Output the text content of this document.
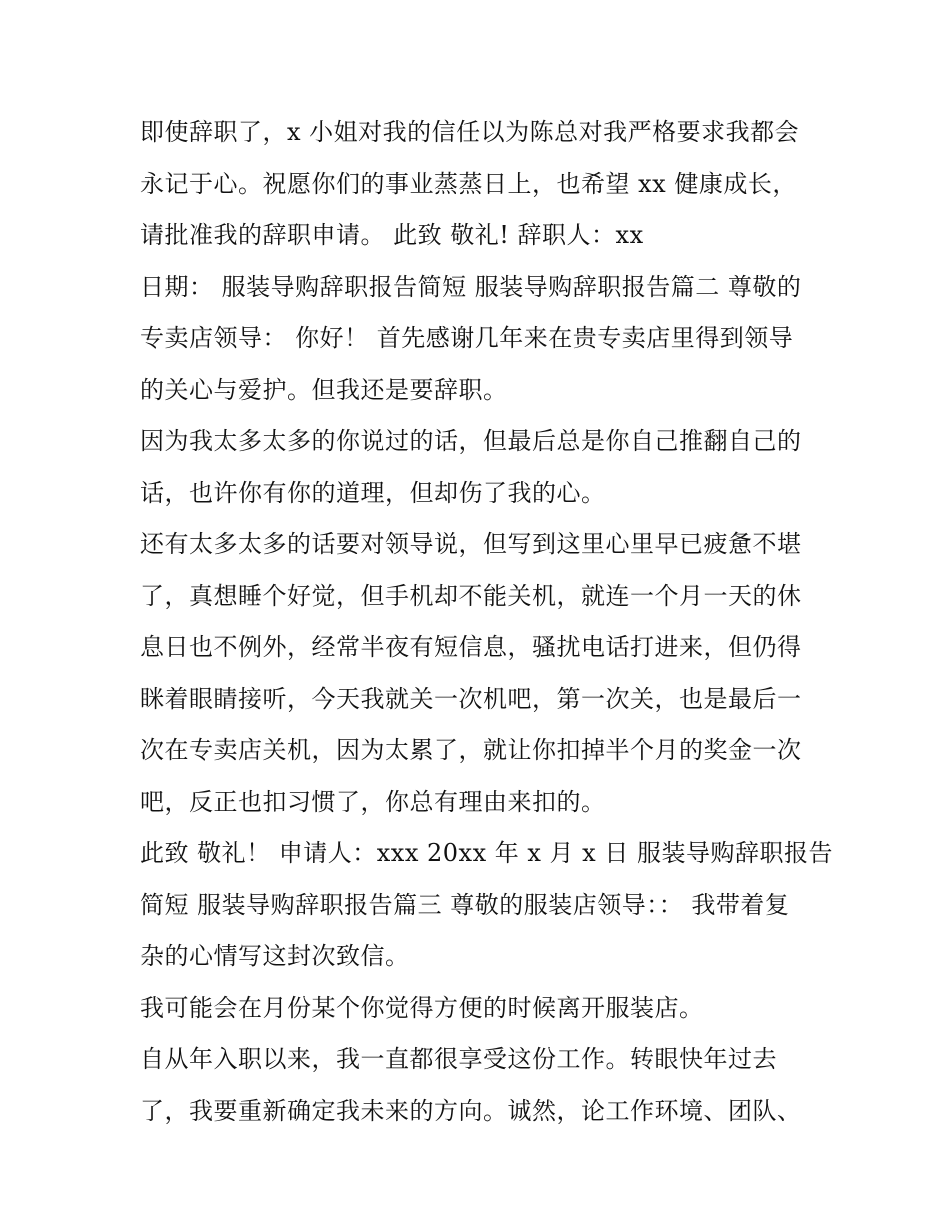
即使辞职了，x 小姐对我的信任以为陈总对我严格要求我都会
永记于心。祝愿你们的事业蒸蒸日上，也希望 xx 健康成长，
请批准我的辞职申请。 此致 敬礼! 辞职人：xx
日期： 服装导购辞职报告简短 服装导购辞职报告篇二 尊敬的
专卖店领导： 你好！ 首先感谢几年来在贵专卖店里得到领导
的关心与爱护。但我还是要辞职。
因为我太多太多的你说过的话，但最后总是你自己推翻自己的
话，也许你有你的道理，但却伤了我的心。
还有太多太多的话要对领导说，但写到这里心里早已疲惫不堪
了，真想睡个好觉，但手机却不能关机，就连一个月一天的休
息日也不例外，经常半夜有短信息，骚扰电话打进来，但仍得
眯着眼睛接听，今天我就关一次机吧，第一次关，也是最后一
次在专卖店关机，因为太累了，就让你扣掉半个月的奖金一次
吧，反正也扣习惯了，你总有理由来扣的。
此致 敬礼！ 申请人：xxx 20xx 年 x 月 x 日 服装导购辞职报告
简短 服装导购辞职报告篇三 尊敬的服装店领导：： 我带着复
杂的心情写这封次致信。
我可能会在月份某个你觉得方便的时候离开服装店。
自从年入职以来，我一直都很享受这份工作。转眼快年过去
了，我要重新确定我未来的方向。诚然，论工作环境、团队、
